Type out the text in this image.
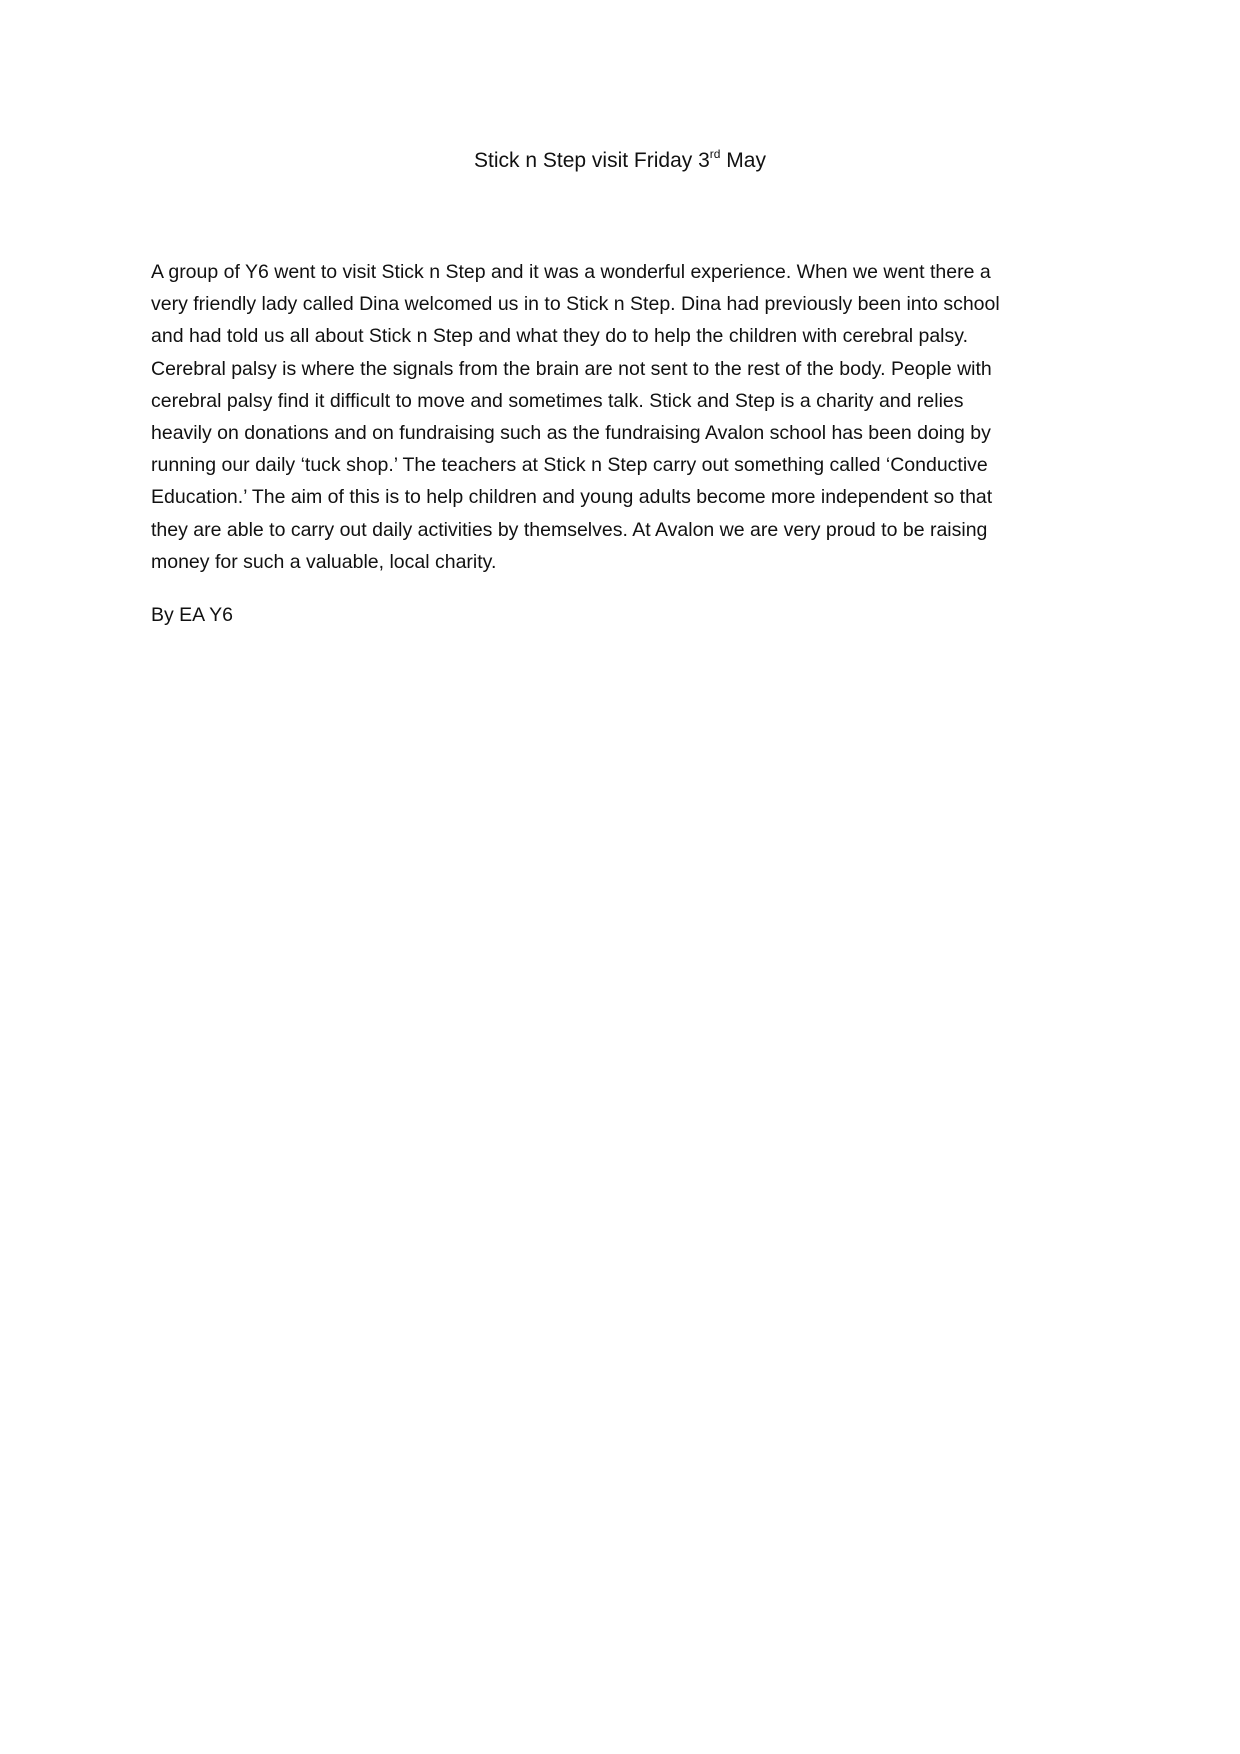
Stick n Step visit Friday 3rd May

A group of Y6 went to visit Stick n Step and it was a wonderful experience. When we went there a
very friendly lady called Dina welcomed us in to Stick n Step. Dina had previously been into school
and had told us all about Stick n Step and what they do to help the children with cerebral palsy.
Cerebral palsy is where the signals from the brain are not sent to the rest of the body. People with
cerebral palsy find it difficult to move and sometimes talk. Stick and Step is a charity and relies
heavily on donations and on fundraising such as the fundraising Avalon school has been doing by
running our daily ‘tuck shop.’ The teachers at Stick n Step carry out something called ‘Conductive
Education.’ The aim of this is to help children and young adults become more independent so that
they are able to carry out daily activities by themselves. At Avalon we are very proud to be raising
money for such a valuable, local charity.

By EA Y6
